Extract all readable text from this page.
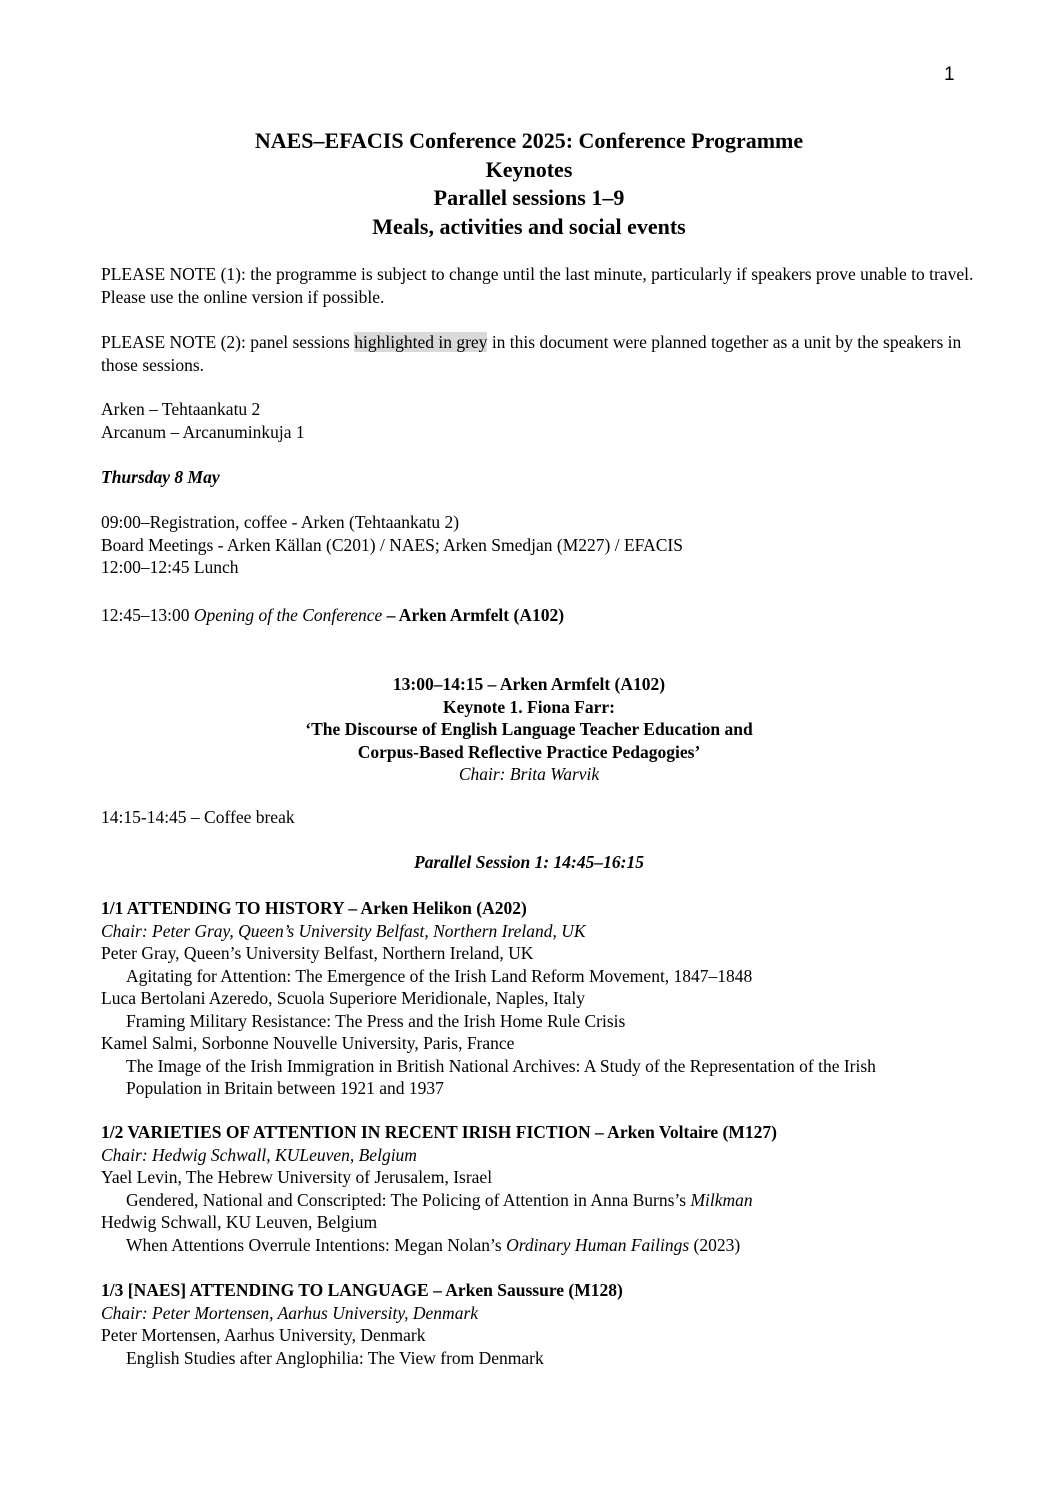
1
NAES–EFACIS Conference 2025: Conference Programme
Keynotes
Parallel sessions 1–9
Meals, activities and social events

PLEASE NOTE (1): the programme is subject to change until the last minute, particularly if speakers prove unable to travel. Please use the online version if possible.

PLEASE NOTE (2): panel sessions highlighted in grey in this document were planned together as a unit by the speakers in those sessions.

Arken – Tehtaankatu 2
Arcanum – Arcanuminkuja 1
Thursday 8 May
09:00–Registration, coffee - Arken (Tehtaankatu 2)
Board Meetings - Arken Källan (C201) / NAES; Arken Smedjan (M227) / EFACIS
12:00–12:45 Lunch
12:45–13:00 Opening of the Conference – Arken Armfelt (A102)
13:00–14:15 – Arken Armfelt (A102)
Keynote 1. Fiona Farr:
‘The Discourse of English Language Teacher Education and
Corpus-Based Reflective Practice Pedagogies’
Chair: Brita Warvik
14:15-14:45 – Coffee break
Parallel Session 1: 14:45–16:15
1/1 ATTENDING TO HISTORY – Arken Helikon (A202)
Chair: Peter Gray, Queen’s University Belfast, Northern Ireland, UK
Peter Gray, Queen’s University Belfast, Northern Ireland, UK
Agitating for Attention: The Emergence of the Irish Land Reform Movement, 1847–1848
Luca Bertolani Azeredo, Scuola Superiore Meridionale, Naples, Italy
Framing Military Resistance: The Press and the Irish Home Rule Crisis
Kamel Salmi, Sorbonne Nouvelle University, Paris, France
The Image of the Irish Immigration in British National Archives: A Study of the Representation of the Irish
Population in Britain between 1921 and 1937
1/2 VARIETIES OF ATTENTION IN RECENT IRISH FICTION – Arken Voltaire (M127)
Chair: Hedwig Schwall, KULeuven, Belgium
Yael Levin, The Hebrew University of Jerusalem, Israel
Gendered, National and Conscripted: The Policing of Attention in Anna Burns’s Milkman
Hedwig Schwall, KU Leuven, Belgium
When Attentions Overrule Intentions: Megan Nolan’s Ordinary Human Failings (2023)
1/3 [NAES] ATTENDING TO LANGUAGE – Arken Saussure (M128)
Chair: Peter Mortensen, Aarhus University, Denmark
Peter Mortensen, Aarhus University, Denmark
English Studies after Anglophilia: The View from Denmark
